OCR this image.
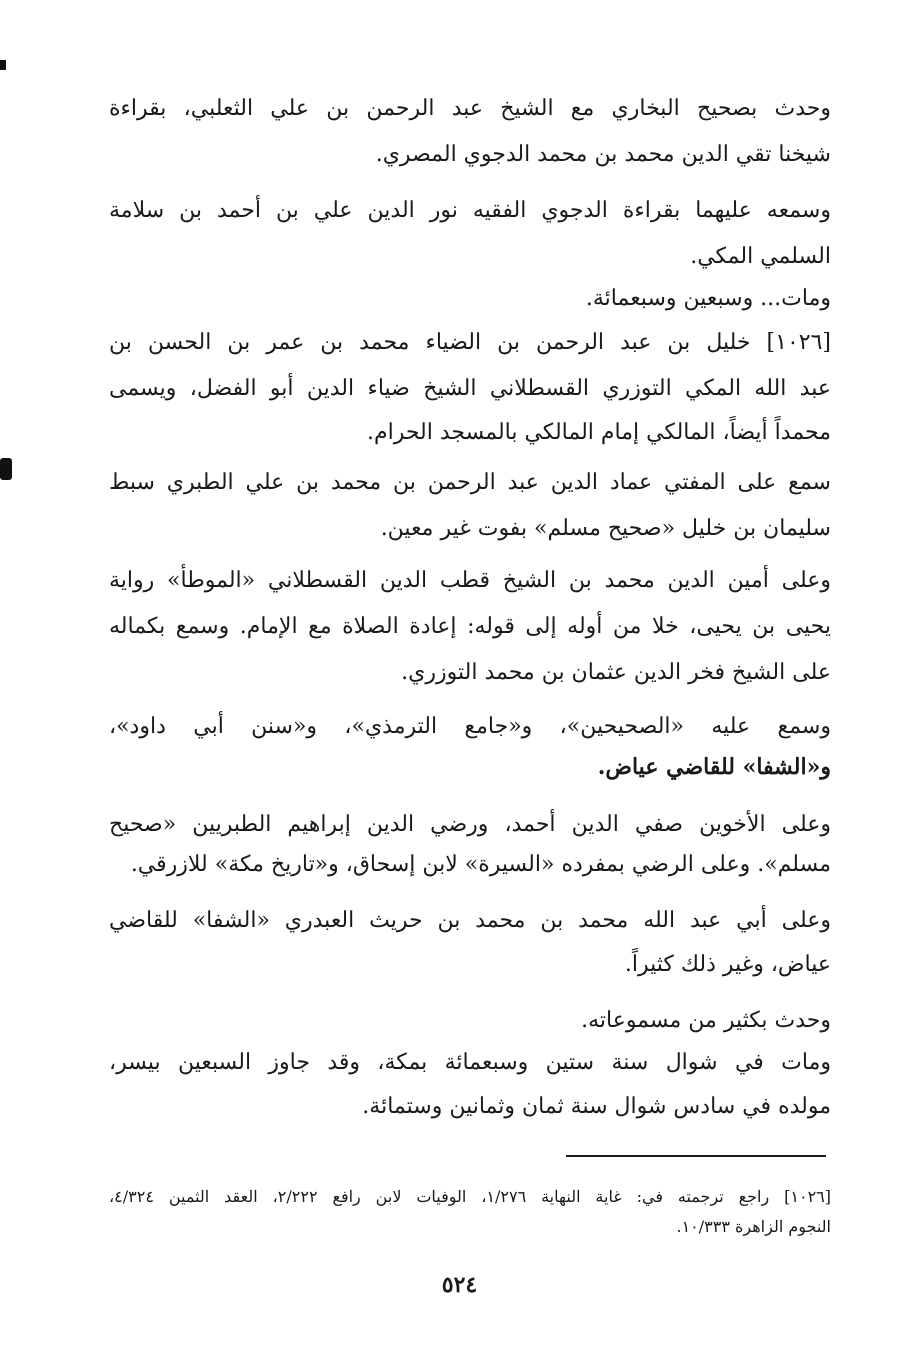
وحدث بصحيح البخاري مع الشيخ عبد الرحمن بن علي الثعلبي، بقراءة
شيخنا تقي الدين محمد بن محمد الدجوي المصري.
وسمعه عليهما بقراءة الدجوي الفقيه نور الدين علي بن أحمد بن سلامة
السلمي المكي.
ومات... وسبعين وسبعمائة.
[١٠٢٦] خليل بن عبد الرحمن بن الضياء محمد بن عمر بن الحسن بن
عبد الله المكي التوزري القسطلاني الشيخ ضياء الدين أبو الفضل، ويسمى
محمداً أيضاً، المالكي إمام المالكي بالمسجد الحرام.
سمع على المفتي عماد الدين عبد الرحمن بن محمد بن علي الطبري سبط
سليمان بن خليل «صحيح مسلم» بفوت غير معين.
وعلى أمين الدين محمد بن الشيخ قطب الدين القسطلاني «الموطأ» رواية
يحيى بن يحيى، خلا من أوله إلى قوله: إعادة الصلاة مع الإمام. وسمع بكماله
على الشيخ فخر الدين عثمان بن محمد التوزري.
وسمع عليه «الصحيحين»، و«جامع الترمذي»، و«سنن أبي داود»،
و«الشفا» للقاضي عياض.
وعلى الأخوين صفي الدين أحمد، ورضي الدين إبراهيم الطبريين «صحيح
مسلم». وعلى الرضي بمفرده «السيرة» لابن إسحاق، و«تاريخ مكة» للازرقي.
وعلى أبي عبد الله محمد بن محمد بن حريث العبدري «الشفا» للقاضي
عياض، وغير ذلك كثيراً.
وحدث بكثير من مسموعاته.
ومات في شوال سنة ستين وسبعمائة بمكة، وقد جاوز السبعين بيسر،
مولده في سادس شوال سنة ثمان وثمانين وستمائة.
[١٠٢٦] راجع ترجمته في: غاية النهاية ١/٢٧٦، الوفيات لابن رافع ٢/٢٢٢، العقد الثمين ٤/٣٢٤،
النجوم الزاهرة ١٠/٣٣٣.
٥٢٤
